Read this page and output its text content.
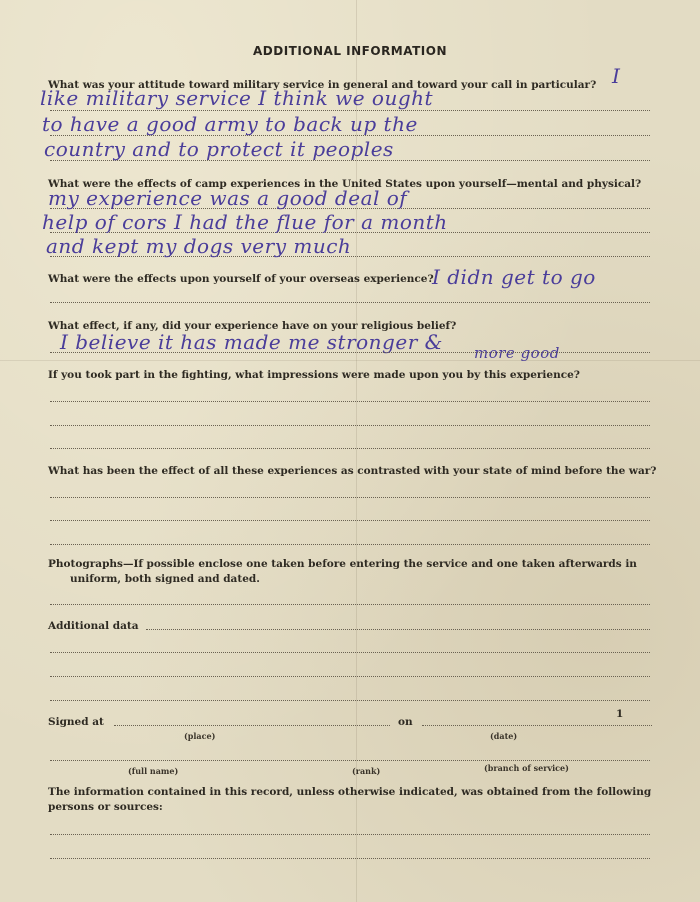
ADDITIONAL INFORMATION
What was your attitude toward military service in general and toward your call in particular? I
like military service I think we ought
to have a good army to back up the
country and to protect it peoples
What were the effects of camp experiences in the United States upon yourself—mental and physical?
my experience was a good deal of
help of cors I had the flue for a month
and kept my dogs very much
What were the effects upon yourself of your overseas experience?
I didn get to go
What effect, if any, did your experience have on your religious belief?
I believe it has made me stronger & more good
If you took part in the fighting, what impressions were made upon you by this experience?
What has been the effect of all these experiences as contrasted with your state of mind before the war?
Photographs—If possible enclose one taken before entering the service and one taken afterwards in
uniform, both signed and dated.
Additional data
Signed at	on
1
(place)	(date)
(full name)	(rank)	(branch of service)
The information contained in this record, unless otherwise indicated, was obtained from the following
persons or sources:
